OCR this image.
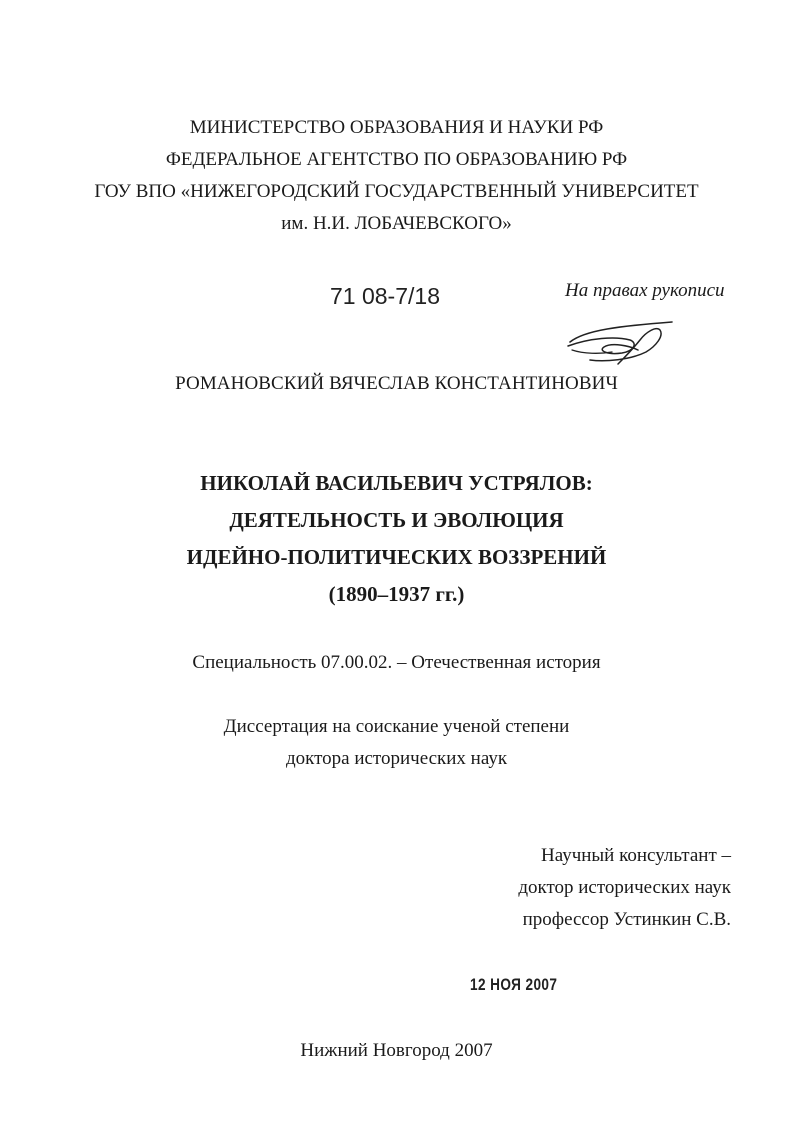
МИНИСТЕРСТВО ОБРАЗОВАНИЯ И НАУКИ РФ
ФЕДЕРАЛЬНОЕ АГЕНТСТВО ПО ОБРАЗОВАНИЮ РФ
ГОУ ВПО «НИЖЕГОРОДСКИЙ ГОСУДАРСТВЕННЫЙ УНИВЕРСИТЕТ
им. Н.И. ЛОБАЧЕВСКОГО»
71 08-7/18	На правах рукописи
РОМАНОВСКИЙ ВЯЧЕСЛАВ КОНСТАНТИНОВИЧ
НИКОЛАЙ ВАСИЛЬЕВИЧ УСТРЯЛОВ:
ДЕЯТЕЛЬНОСТЬ И ЭВОЛЮЦИЯ
ИДЕЙНО-ПОЛИТИЧЕСКИХ ВОЗЗРЕНИЙ
(1890–1937 гг.)
Специальность 07.00.02. – Отечественная история
Диссертация на соискание ученой степени
доктора исторических наук
Научный консультант –
доктор исторических наук
профессор Устинкин С.В.
12 НОЯ 2007
Нижний Новгород 2007
